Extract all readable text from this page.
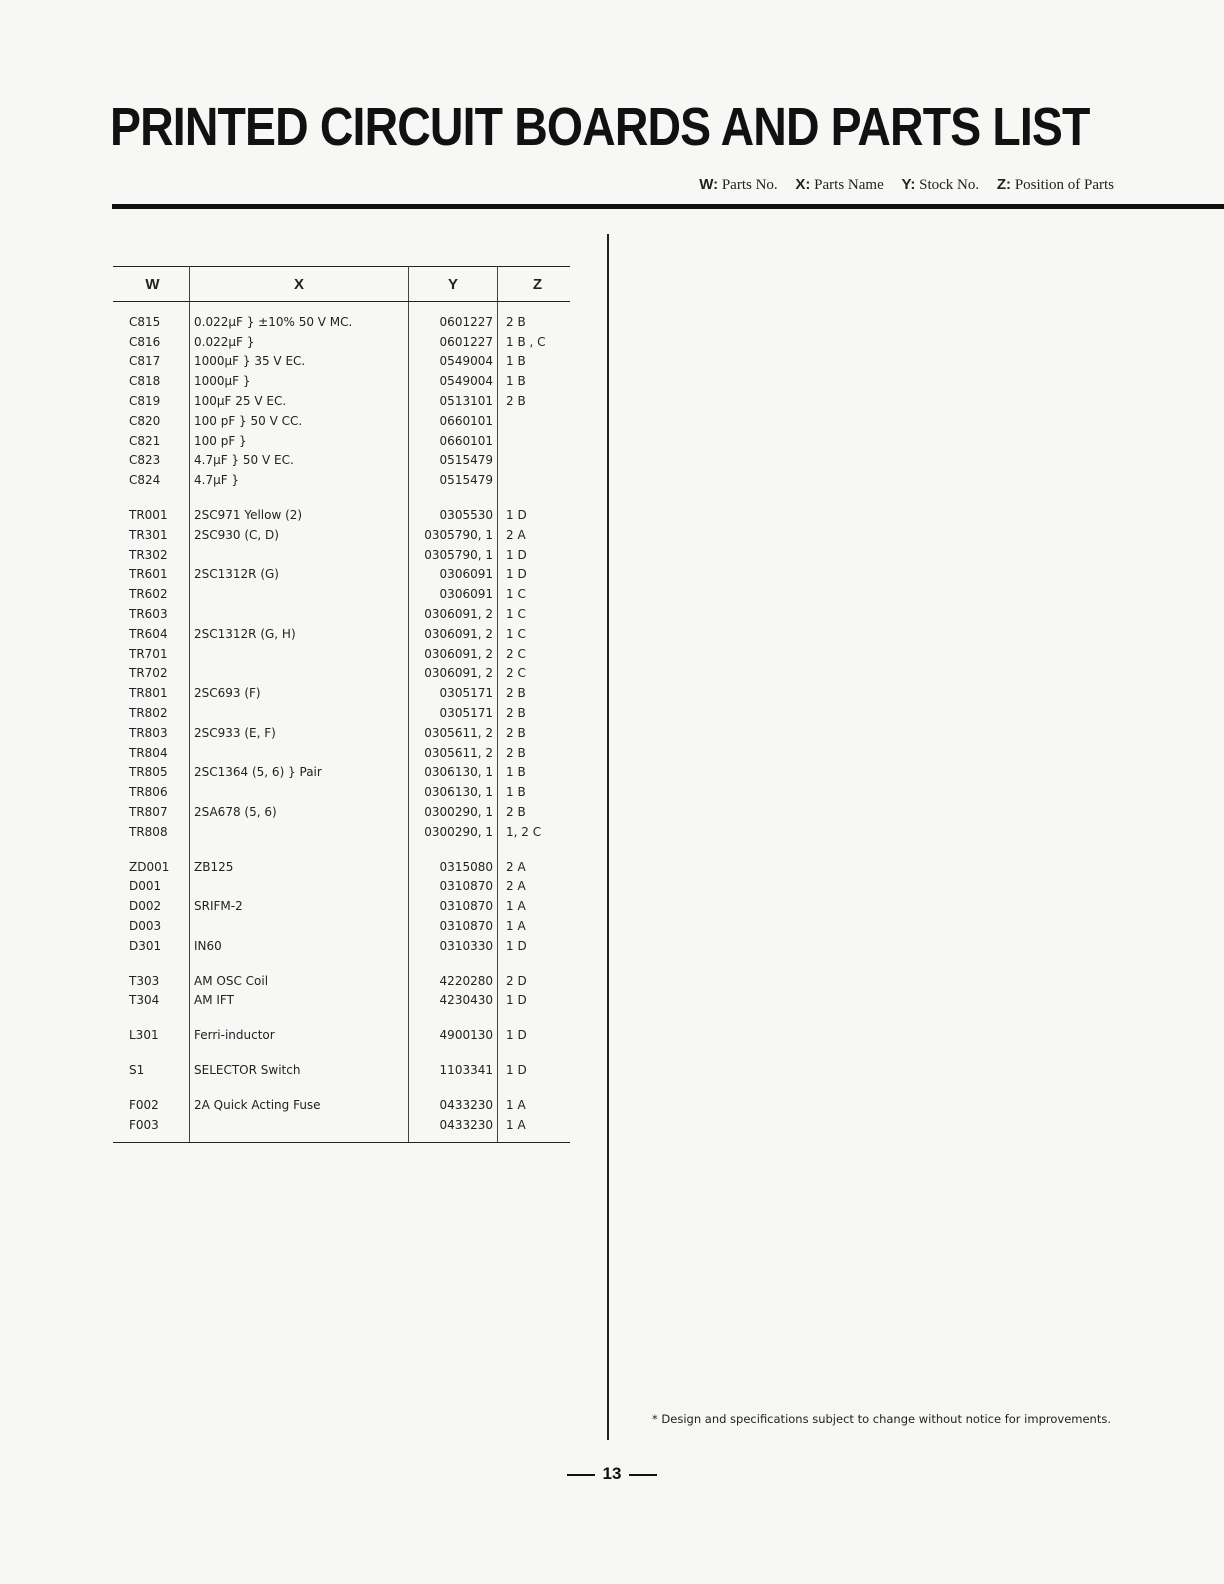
PRINTED CIRCUIT BOARDS AND PARTS LIST
W: Parts No. X: Parts Name Y: Stock No. Z: Position of Parts
W	X	Y	Z
C815	0.022μF } ±10% 50 V MC.	0601227	2 B
C816	0.022μF }	0601227	1 B , C
C817	1000μF } 35 V EC.	0549004	1 B
C818	1000μF }	0549004	1 B
C819	100μF 25 V EC.	0513101	2 B
C820	100 pF } 50 V CC.	0660101	
C821	100 pF }	0660101	
C823	4.7μF } 50 V EC.	0515479	
C824	4.7μF }	0515479	

TR001	2SC971 Yellow (2)	0305530	1 D
TR301	2SC930 (C, D)	0305790, 1	2 A
TR302		0305790, 1	1 D
TR601	2SC1312R (G)	0306091	1 D
TR602		0306091	1 C
TR603		0306091, 2	1 C
TR604	2SC1312R (G, H)	0306091, 2	1 C
TR701		0306091, 2	2 C
TR702		0306091, 2	2 C
TR801	2SC693 (F)	0305171	2 B
TR802		0305171	2 B
TR803	2SC933 (E, F)	0305611, 2	2 B
TR804		0305611, 2	2 B
TR805	2SC1364 (5, 6) } Pair	0306130, 1	1 B
TR806		0306130, 1	1 B
TR807	2SA678 (5, 6)	0300290, 1	2 B
TR808		0300290, 1	1, 2 C

ZD001	ZB125	0315080	2 A
D001		0310870	2 A
D002	SRIFM-2	0310870	1 A
D003		0310870	1 A
D301	IN60	0310330	1 D

T303	AM OSC Coil	4220280	2 D
T304	AM IFT	4230430	1 D

L301	Ferri-inductor	4900130	1 D

S1	SELECTOR Switch	1103341	1 D

F002	2A Quick Acting Fuse	0433230	1 A
F003		0433230	1 A
* Design and specifications subject to change without notice for improvements.
13
